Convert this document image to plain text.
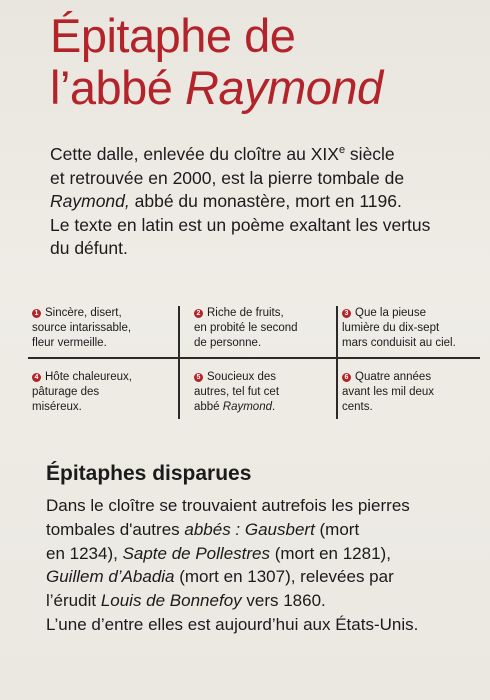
Épitaphe de
l’abbé Raymond
Cette dalle, enlevée du cloître au XIXe siècle
et retrouvée en 2000, est la pierre tombale de
Raymond, abbé du monastère, mort en 1196.
Le texte en latin est un poème exaltant les vertus
du défunt.
1 Sincère, disert,
source intarissable,
fleur vermeille.
2 Riche de fruits,
en probité le second
de personne.
3 Que la pieuse
lumière du dix-sept
mars conduisit au ciel.
4 Hôte chaleureux,
pâturage des
miséreux.
5 Soucieux des
autres, tel fut cet
abbé Raymond.
6 Quatre années
avant les mil deux
cents.
Épitaphes disparues
Dans le cloître se trouvaient autrefois les pierres
tombales d'autres abbés : Gausbert (mort
en 1234), Sapte de Pollestres (mort en 1281),
Guillem d’Abadia (mort en 1307), relevées par
l’érudit Louis de Bonnefoy vers 1860.
L’une d’entre elles est aujourd’hui aux États-Unis.
